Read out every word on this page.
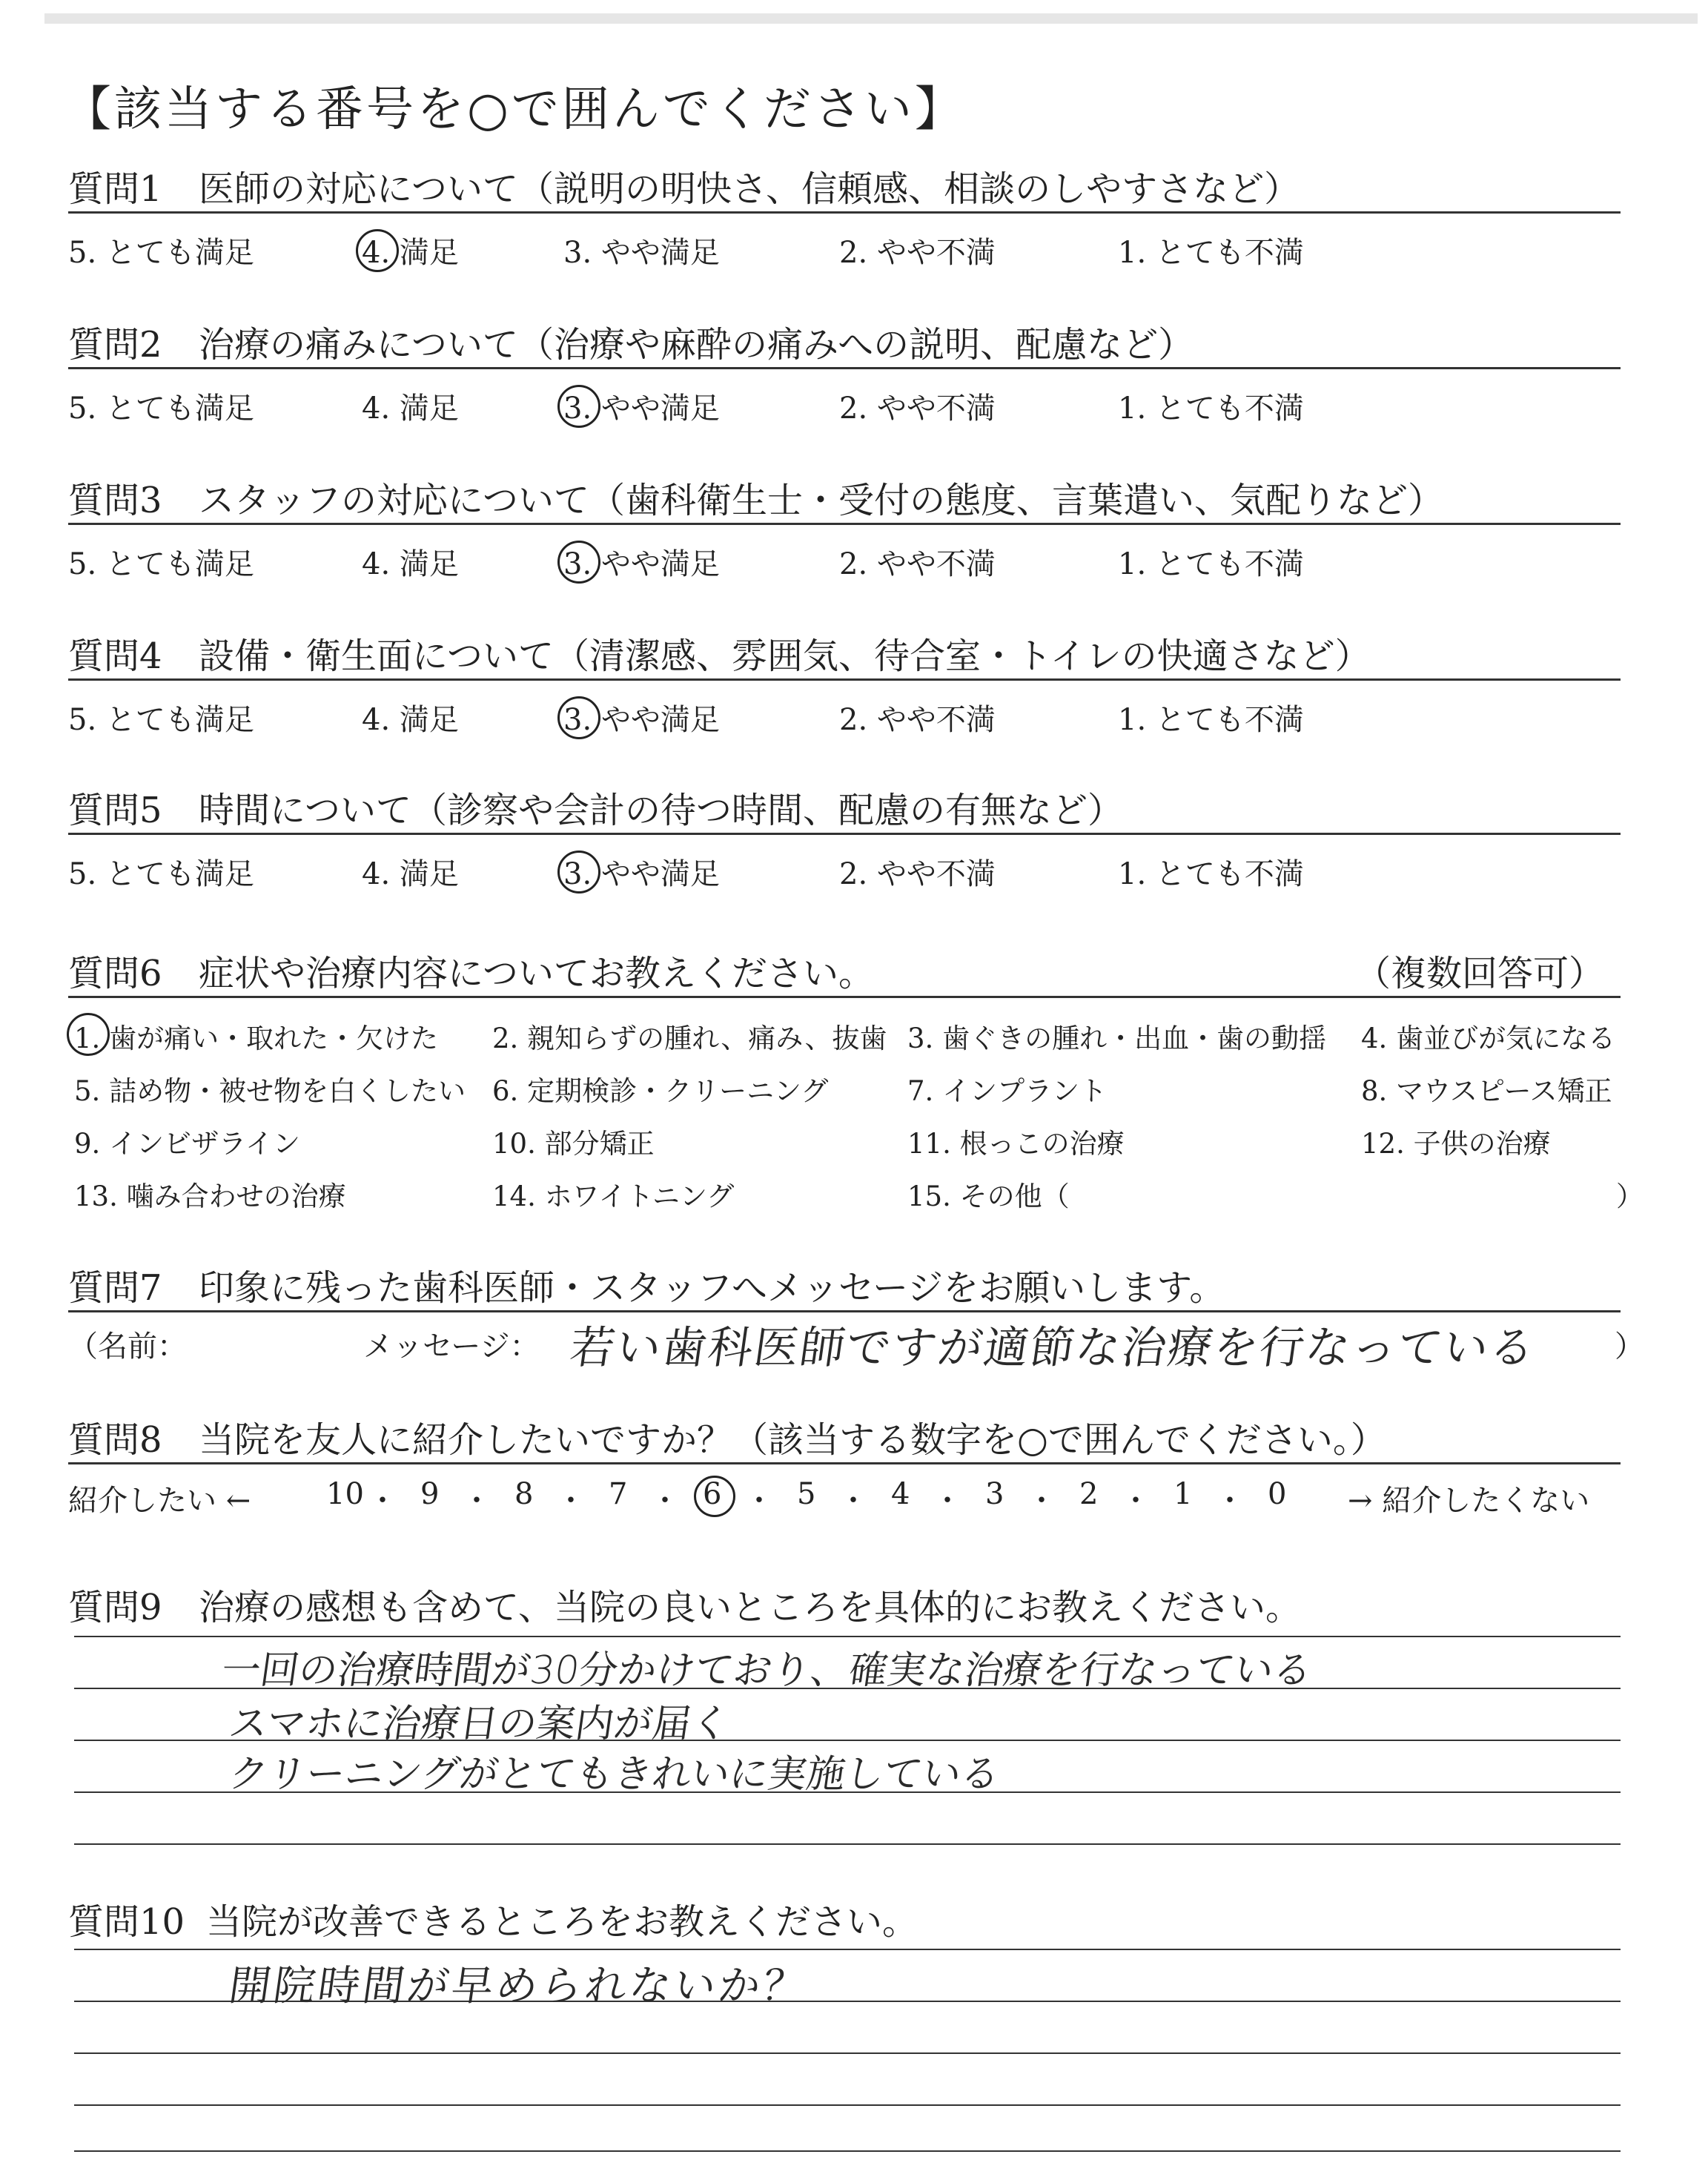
【該当する番号を○で囲んでください】
質問1 医師の対応について（説明の明快さ、信頼感、相談のしやすさなど）
5. とても満足	4. 満足	3. やや満足	2. やや不満	1. とても不満
質問2 治療の痛みについて（治療や麻酔の痛みへの説明、配慮など）
5. とても満足	4. 満足	3. やや満足	2. やや不満	1. とても不満
質問3 スタッフの対応について（歯科衛生士・受付の態度、言葉遣い、気配りなど）
5. とても満足	4. 満足	3. やや満足	2. やや不満	1. とても不満
質問4 設備・衛生面について（清潔感、雰囲気、待合室・トイレの快適さなど）
5. とても満足	4. 満足	3. やや満足	2. やや不満	1. とても不満
質問5 時間について（診察や会計の待つ時間、配慮の有無など）
5. とても満足	4. 満足	3. やや満足	2. やや不満	1. とても不満
質問6 症状や治療内容についてお教えください。	（複数回答可）
1. 歯が痛い・取れた・欠けた 2. 親知らずの腫れ、痛み、抜歯 3. 歯ぐきの腫れ・出血・歯の動揺 4. 歯並びが気になる
5. 詰め物・被せ物を白くしたい 6. 定期検診・クリーニング	7. インプラント	8. マウスピース矯正
9. インビザライン	10. 部分矯正	11. 根っこの治療	12. 子供の治療
13. 噛み合わせの治療	14. ホワイトニング	15. その他（	）
質問7 印象に残った歯科医師・スタッフへメッセージをお願いします。
（名前：	メッセージ： 若い歯科医師ですが適節な治療を行なっている	）
質問8 当院を友人に紹介したいですか？（該当する数字を○で囲んでください。）
紹介したい ←	10 ・ 9 ・ 8 ・ 7 ・ 6 ・ 5 ・ 4 ・ 3 ・ 2 ・ 1 ・ 0 → 紹介したくない
質問9 治療の感想も含めて、当院の良いところを具体的にお教えください。
一回の治療時間が30分かけており、確実な治療を行なっている
スマホに治療日の案内が届く
クリーニングがとてもきれいに実施している
質問10 当院が改善できるところをお教えください。
開院時間が早められないか？
